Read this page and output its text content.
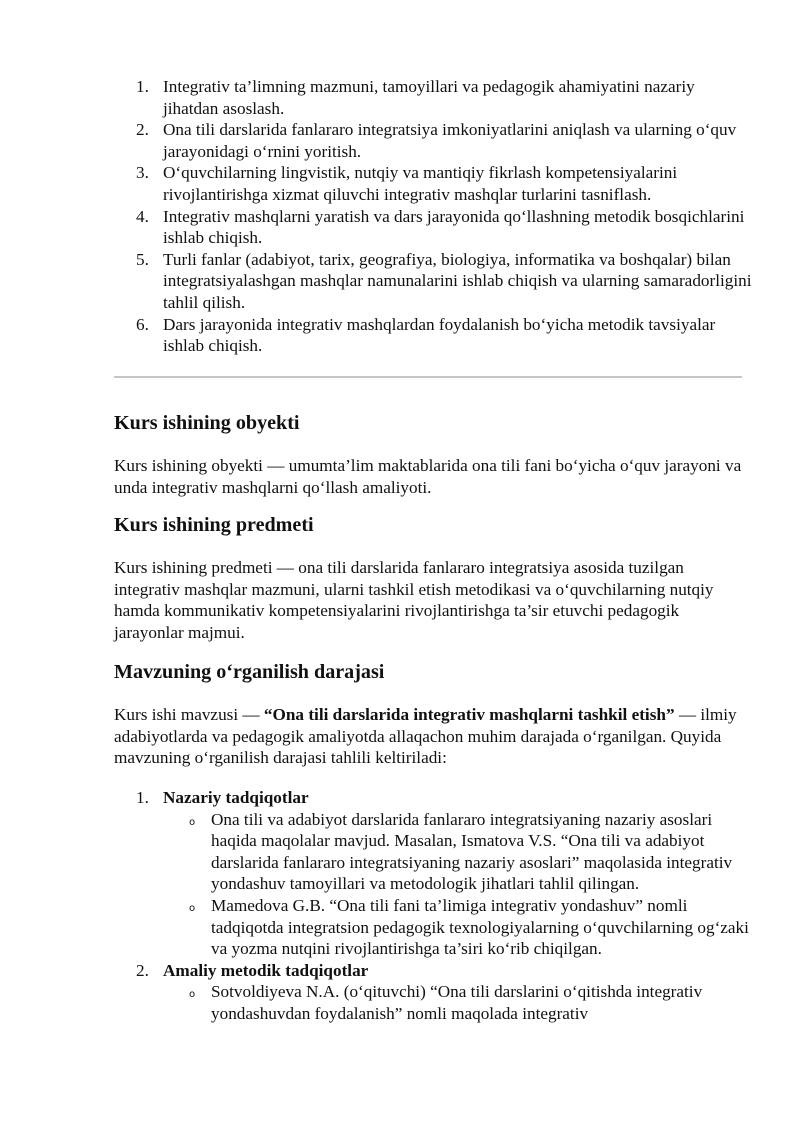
1. Integrativ ta’limning mazmuni, tamoyillari va pedagogik ahamiyatini nazariy jihatdan asoslash.
2. Ona tili darslarida fanlararo integratsiya imkoniyatlarini aniqlash va ularning o‘quv jarayonidagi o‘rnini yoritish.
3. O‘quvchilarning lingvistik, nutqiy va mantiqiy fikrlash kompetensiyalarini rivojlantirishga xizmat qiluvchi integrativ mashqlar turlarini tasniflash.
4. Integrativ mashqlarni yaratish va dars jarayonida qo‘llashning metodik bosqichlarini ishlab chiqish.
5. Turli fanlar (adabiyot, tarix, geografiya, biologiya, informatika va boshqalar) bilan integratsiyalashgan mashqlar namunalarini ishlab chiqish va ularning samaradorligini tahlil qilish.
6. Dars jarayonida integrativ mashqlardan foydalanish bo‘yicha metodik tavsiyalar ishlab chiqish.
Kurs ishining obyekti

Kurs ishining obyekti — umumta’lim maktablarida ona tili fani bo‘yicha o‘quv jarayoni va unda integrativ mashqlarni qo‘llash amaliyoti.

Kurs ishining predmeti

Kurs ishining predmeti — ona tili darslarida fanlararo integratsiya asosida tuzilgan integrativ mashqlar mazmuni, ularni tashkil etish metodikasi va o‘quvchilarning nutqiy hamda kommunikativ kompetensiyalarini rivojlantirishga ta’sir etuvchi pedagogik jarayonlar majmui.

Mavzuning o‘rganilish darajasi

Kurs ishi mavzusi — “Ona tili darslarida integrativ mashqlarni tashkil etish” — ilmiy adabiyotlarda va pedagogik amaliyotda allaqachon muhim darajada o‘rganilgan. Quyida mavzuning o‘rganilish darajasi tahlili keltiriladi:

1. Nazariy tadqiqotlar
o Ona tili va adabiyot darslarida fanlararo integratsiyaning nazariy asoslari haqida maqolalar mavjud. Masalan, Ismatova V.S. “Ona tili va adabiyot darslarida fanlararo integratsiyaning nazariy asoslari” maqolasida integrativ yondashuv tamoyillari va metodologik jihatlari tahlil qilingan.
o Mamedova G.B. “Ona tili fani ta’limiga integrativ yondashuv” nomli tadqiqotda integratsion pedagogik texnologiyalarning o‘quvchilarning og‘zaki va yozma nutqini rivojlantirishga ta’siri ko‘rib chiqilgan.
2. Amaliy metodik tadqiqotlar
o Sotvoldiyeva N.A. (o‘qituvchi) “Ona tili darslarini o‘qitishda integrativ yondashuvdan foydalanish” nomli maqolada integrativ
